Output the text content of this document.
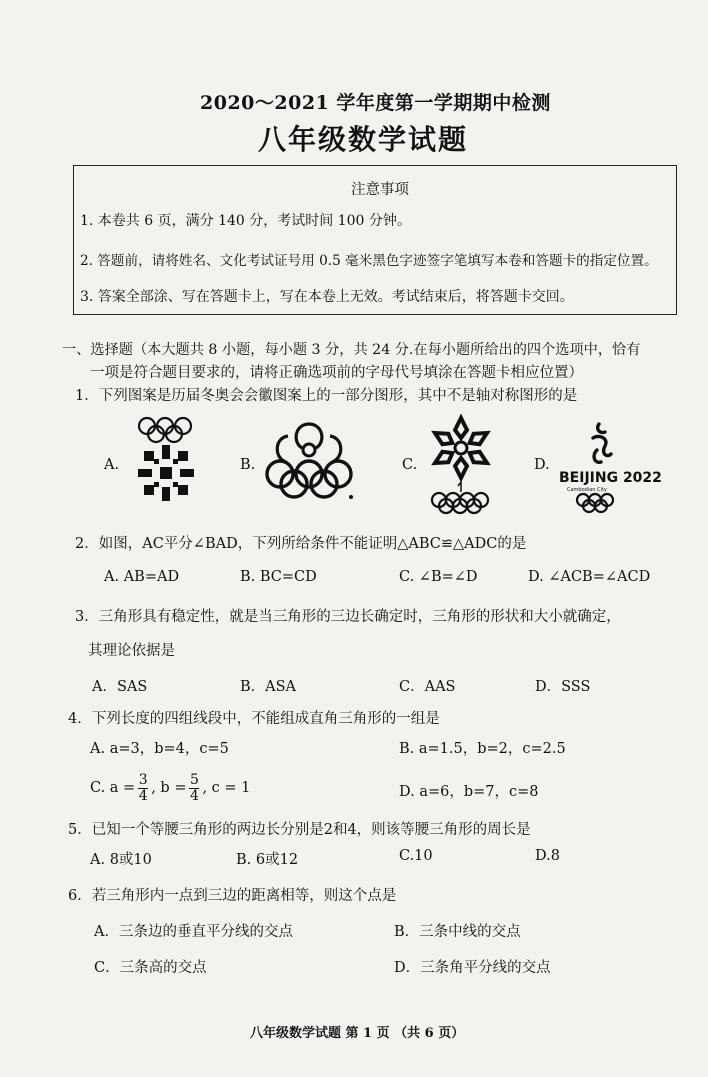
2020～2021 学年度第一学期期中检测
八年级数学试题
注意事项
1. 本卷共 6 页，满分 140 分，考试时间 100 分钟。
2. 答题前，请将姓名、文化考试证号用 0.5 毫米黑色字迹签字笔填写本卷和答题卡的指定位置。
3. 答案全部涂、写在答题卡上，写在本卷上无效。考试结束后，将答题卡交回。
一、选择题（本大题共 8 小题，每小题 3 分，共 24 分.在每小题所给出的四个选项中，恰有
一项是符合题目要求的，请将正确选项前的字母代号填涂在答题卡相应位置）
1．下列图案是历届冬奥会会徽图案上的一部分图形，其中不是轴对称图形的是
A.	B.	C.	D.
BEIJING 2022
Cambodian City
2．如图，AC平分∠BAD，下列所给条件不能证明△ABC≌△ADC的是
A. AB=AD	B. BC=CD	C. ∠B=∠D	D. ∠ACB=∠ACD
3．三角形具有稳定性，就是当三角形的三边长确定时，三角形的形状和大小就确定，
其理论依据是
A．SAS	B．ASA	C．AAS	D．SSS
4．下列长度的四组线段中，不能组成直角三角形的一组是
A. a=3，b=4，c=5	B. a=1.5，b=2，c=2.5
C. a =
3
4 , b =
5
4 , c = 1	D. a=6，b=7，c=8
5．已知一个等腰三角形的两边长分别是2和4，则该等腰三角形的周长是
A. 8或10	B. 6或12	C.10	D.8
6．若三角形内一点到三边的距离相等，则这个点是
A．三条边的垂直平分线的交点	B．三条中线的交点
C．三条高的交点	D．三条角平分线的交点
八年级数学试题 第 1 页 （共 6 页）
